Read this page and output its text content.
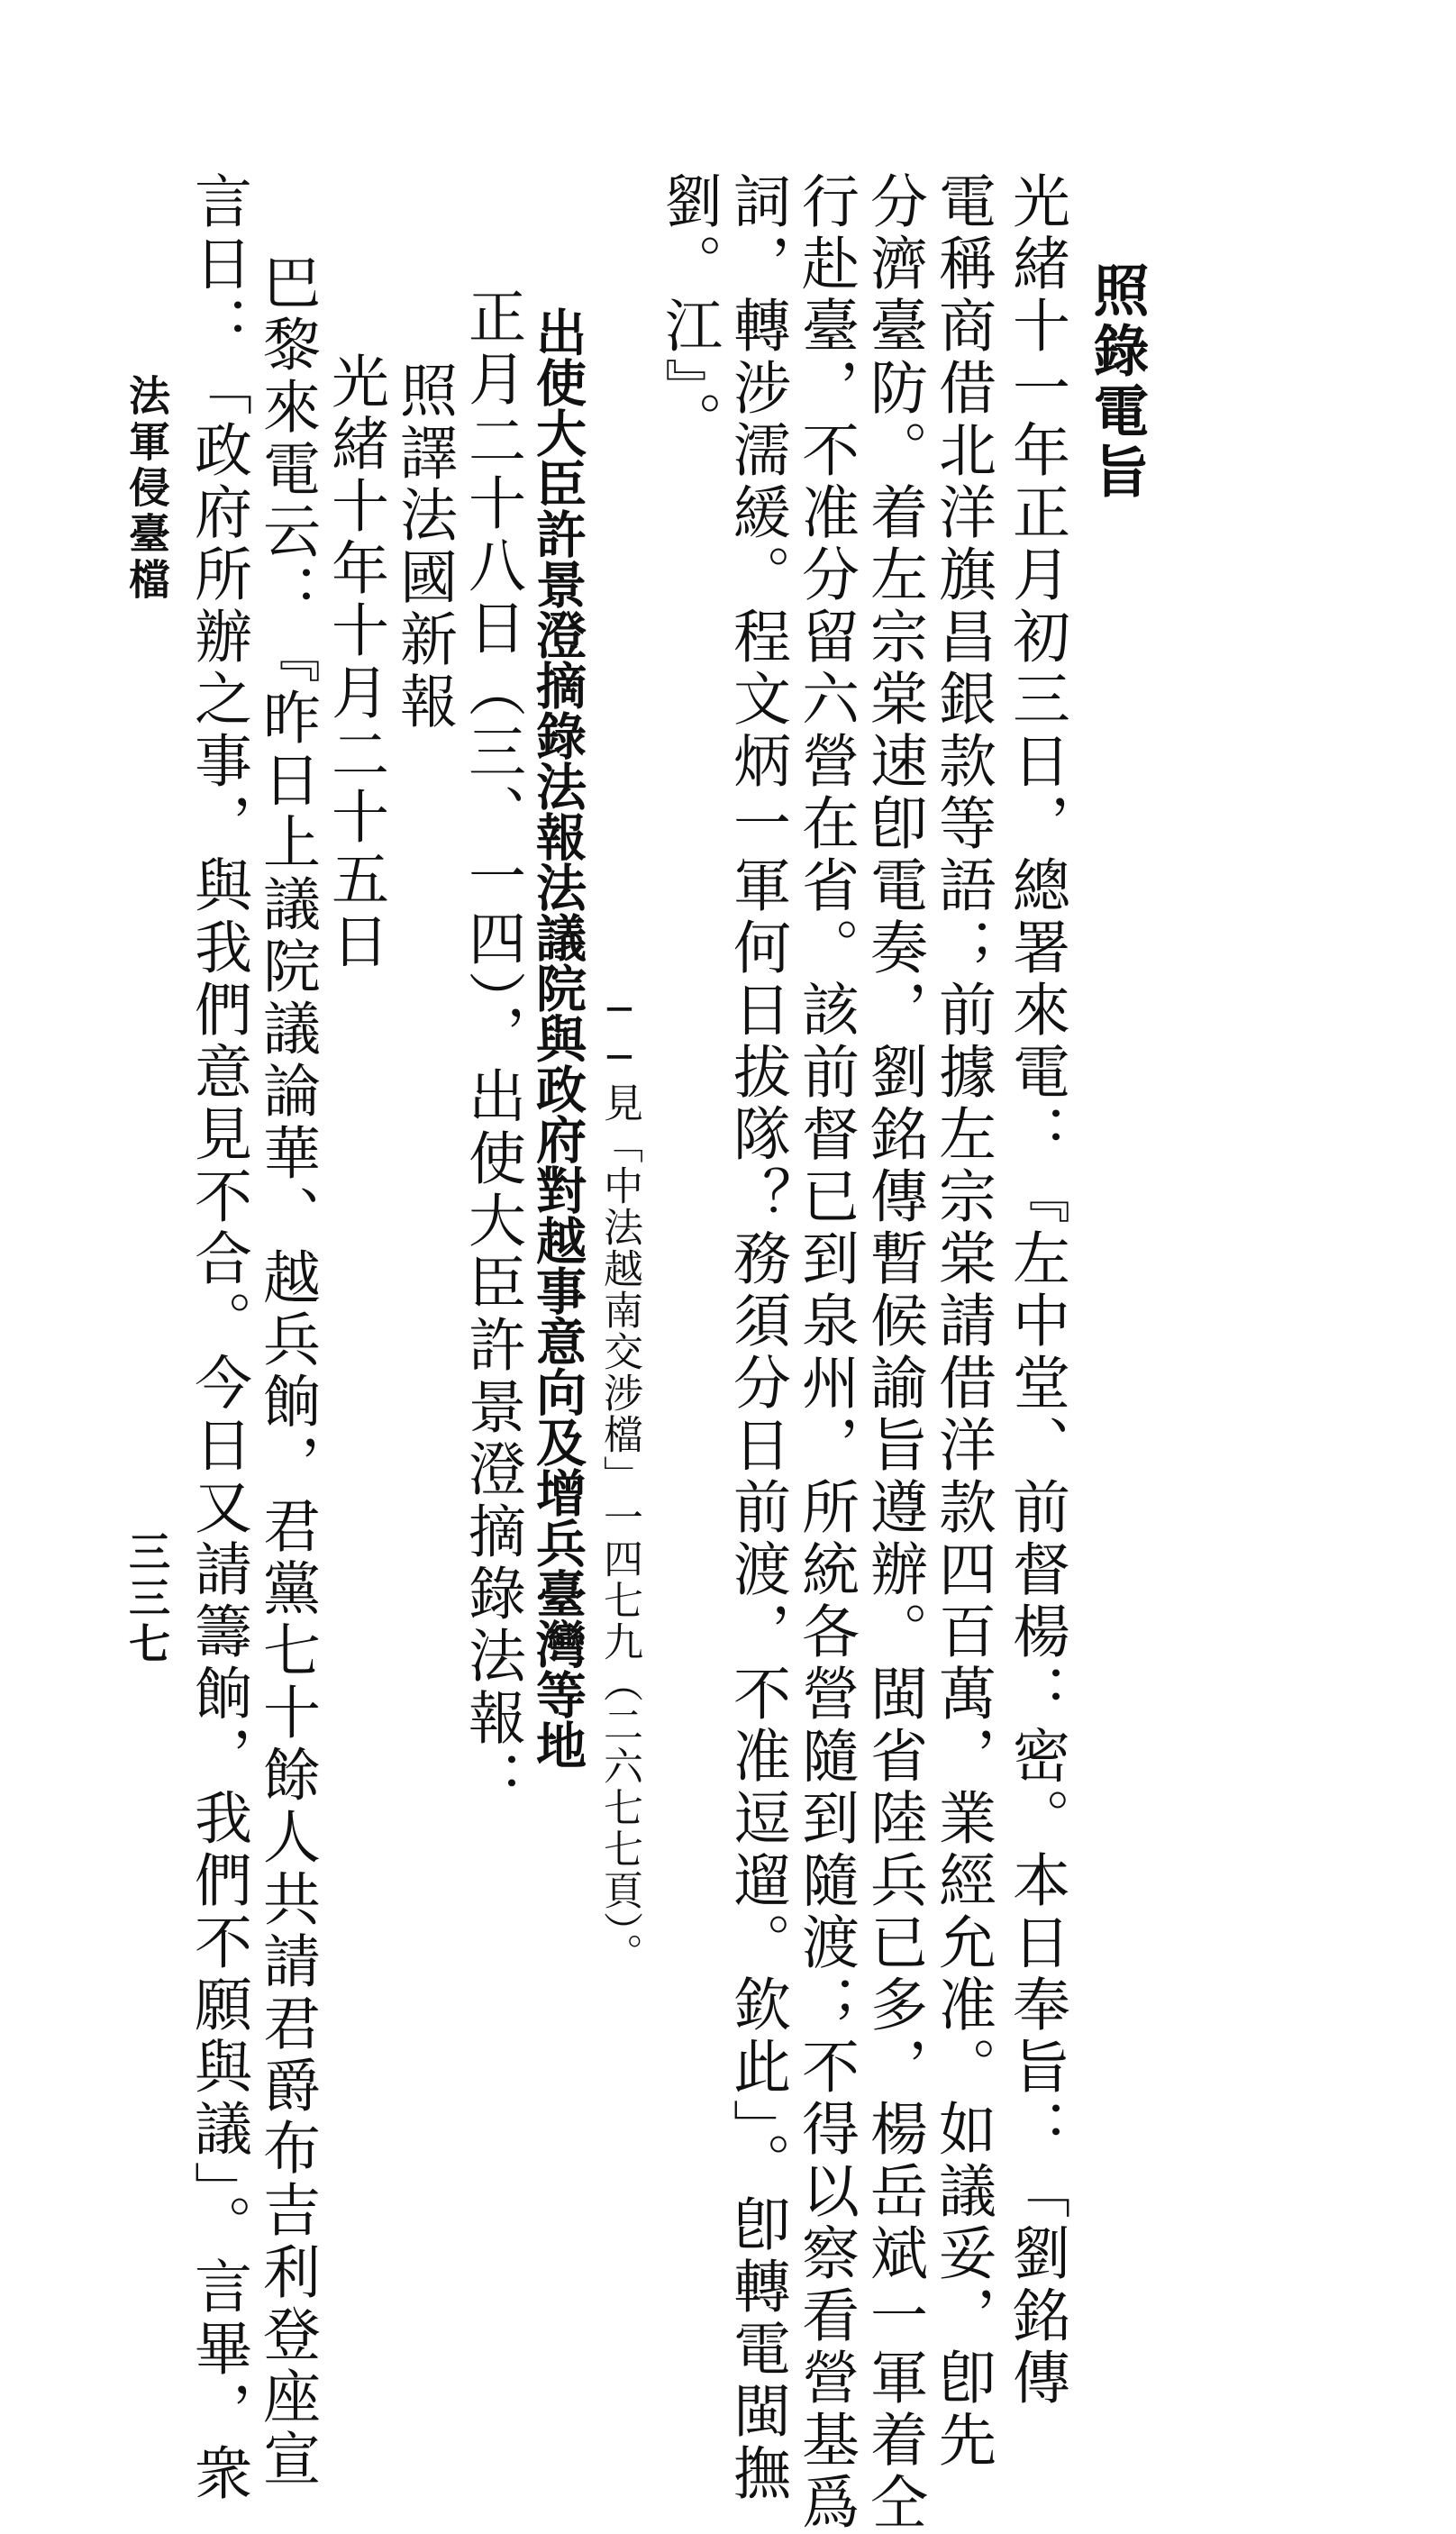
照錄電旨
光緒十一年正月初三日，總署來電：『左中堂、前督楊：密。本日奉旨：「劉銘傳
電稱商借北洋旗昌銀款等語；前據左宗棠請借洋款四百萬，業經允准。如議妥，卽先
分濟臺防。着左宗棠速卽電奏，劉銘傳暫候諭旨遵辦。閩省陸兵已多，楊岳斌一軍着仝
行赴臺，不准分留六營在省。該前督已到泉州，所統各營隨到隨渡；不得以察看營基爲
詞，轉涉濡緩。程文炳一軍何日拔隊？務須分日前渡，不准逗遛。欽此」。卽轉電閩撫
劉。江』。
──見「中法越南交涉檔」一四七九（二六七七頁）。
出使大臣許景澄摘錄法報法議院與政府對越事意向及增兵臺灣等地
正月二十八日（三、一四），出使大臣許景澄摘錄法報：
照譯法國新報
光緒十年十月二十五日
巴黎來電云：『昨日上議院議論華、越兵餉，君黨七十餘人共請君爵布吉利登座宣
言日：「政府所辦之事，與我們意見不合。今日又請籌餉，我們不願與議」。言畢，衆
法軍侵臺檔
三三七
